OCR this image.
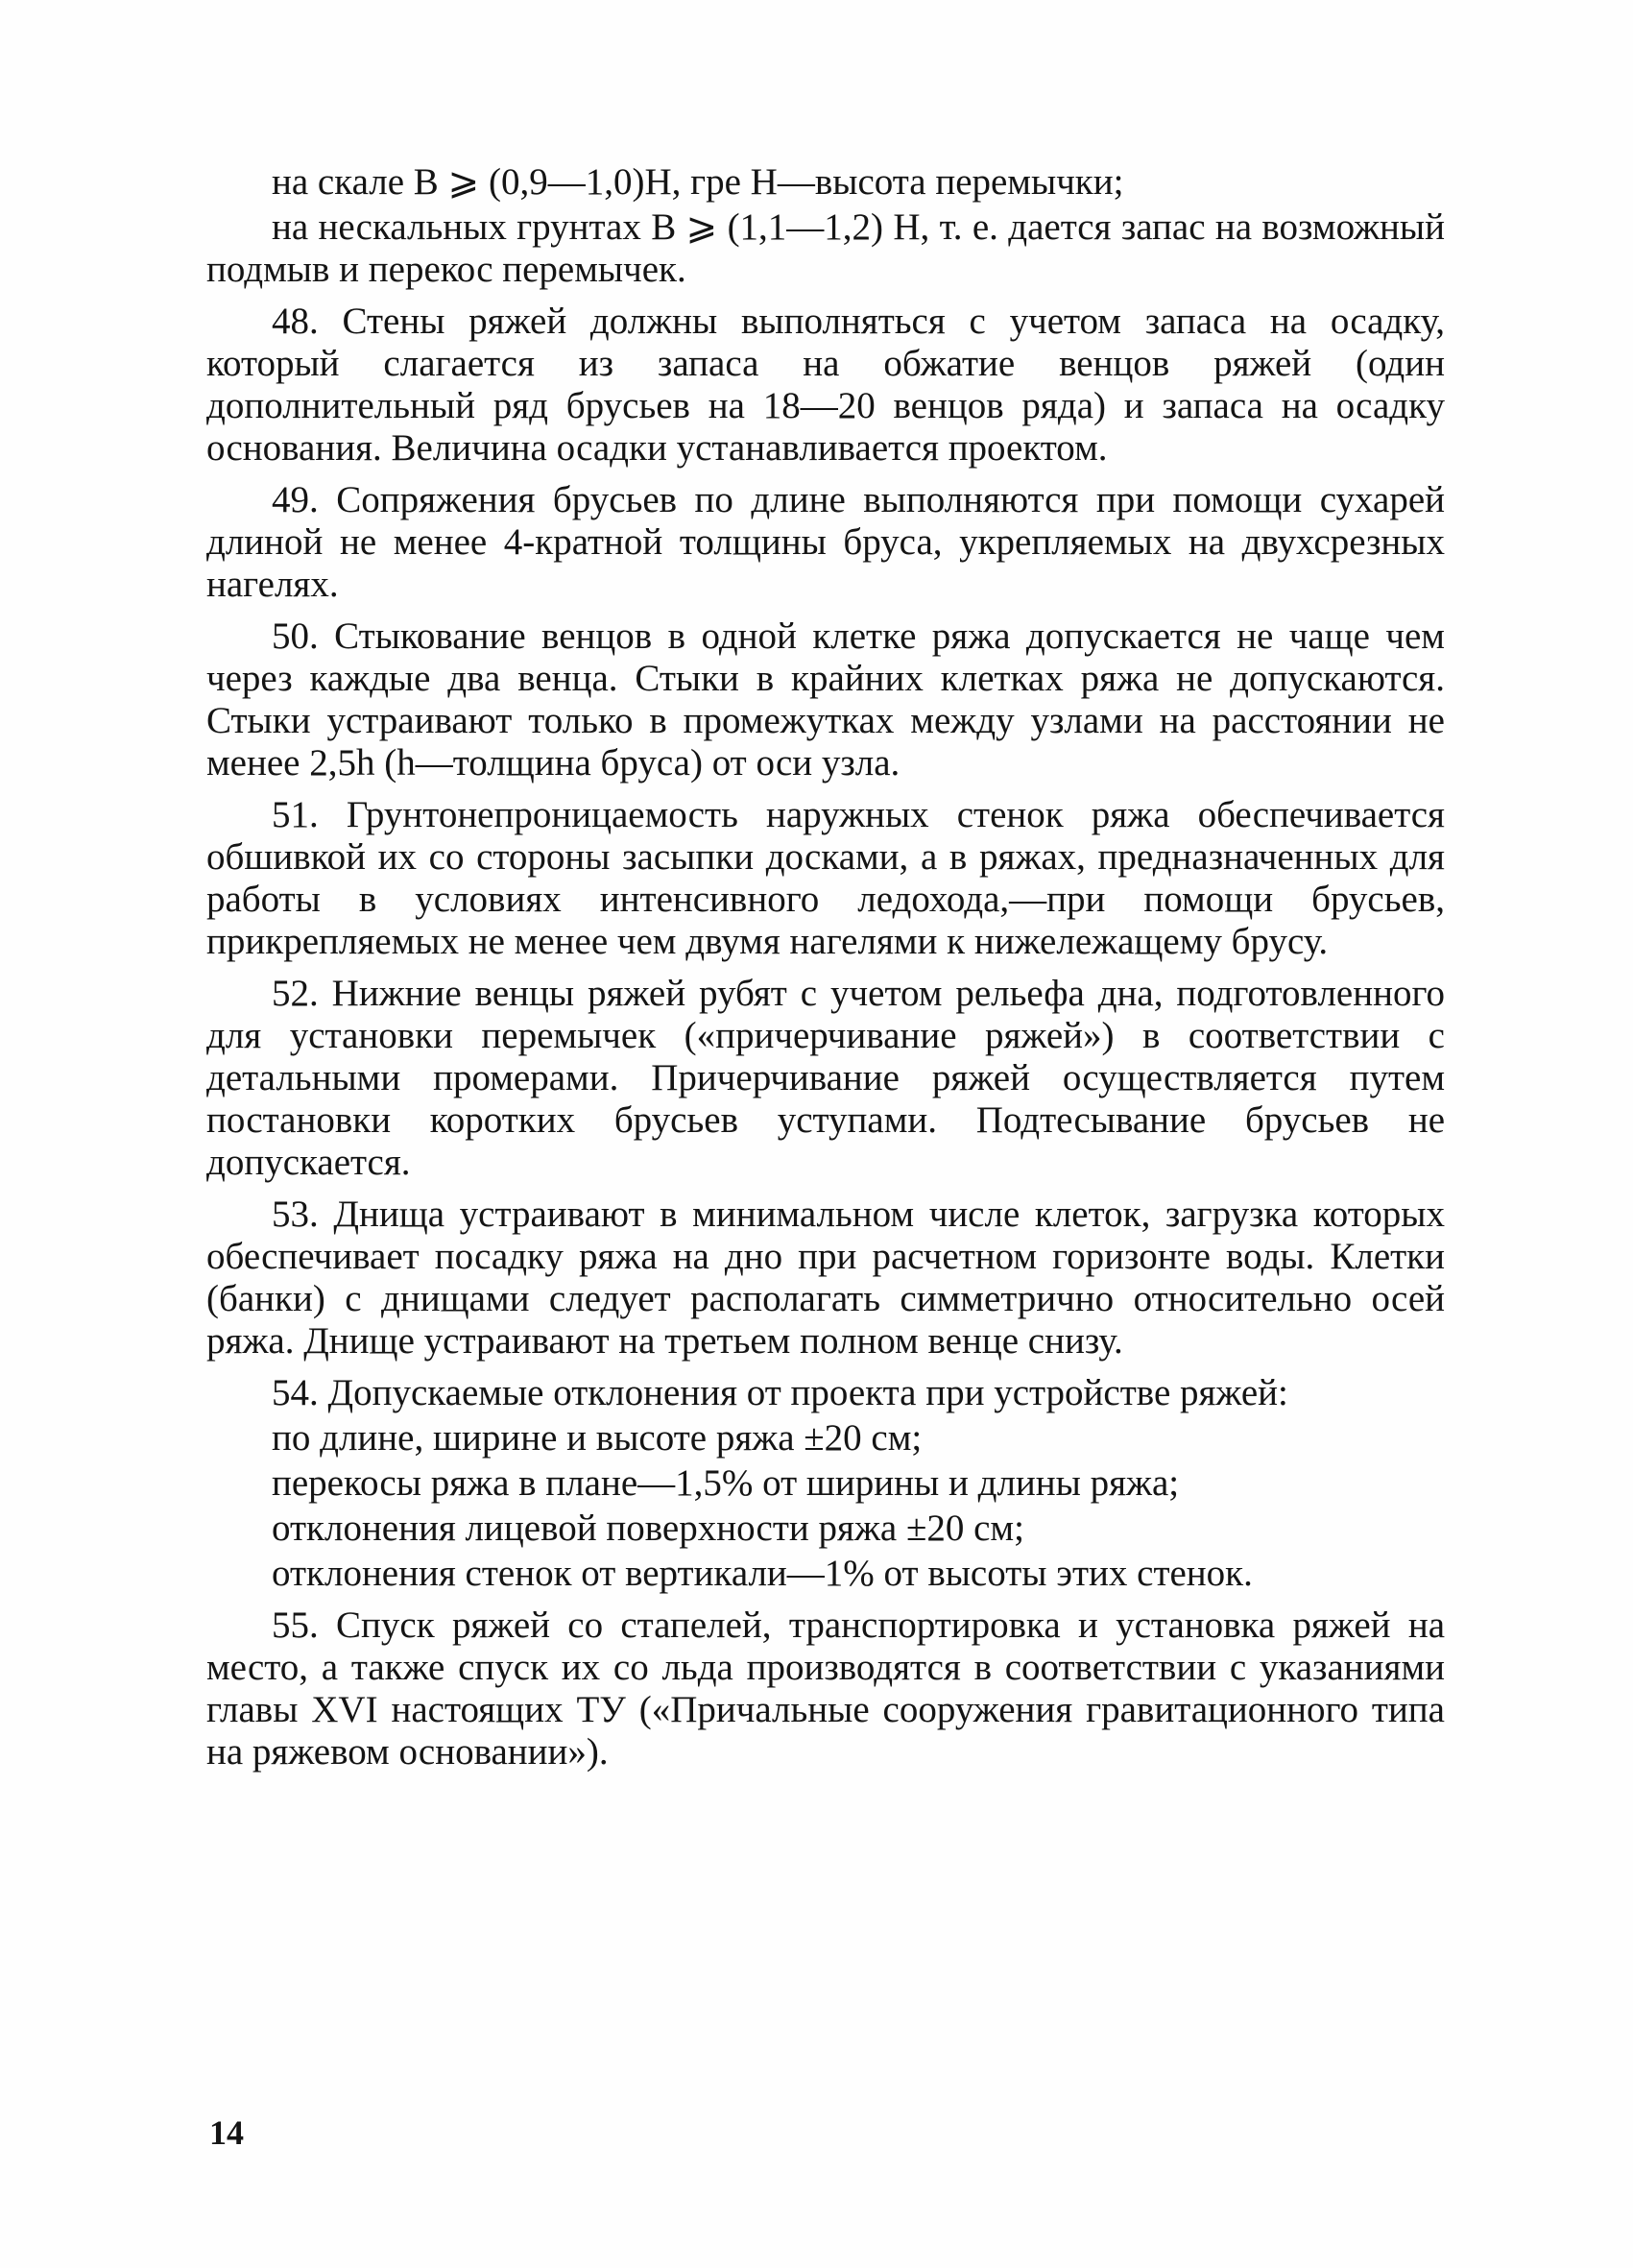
на скале B ⩾ (0,9—1,0)H, гре H—высота перемычки;

на нескальных грунтах B ⩾ (1,1—1,2) H, т. е. дается запас на возможный подмыв и перекос перемычек.

48. Стены ряжей должны выполняться с учетом запаса на осадку, который слагается из запаса на обжатие венцов ряжей (один дополнительный ряд брусьев на 18—20 венцов ряда) и запаса на осадку основания. Величина осадки устанавливается проектом.

49. Сопряжения брусьев по длине выполняются при помощи сухарей длиной не менее 4-кратной толщины бруса, укрепляемых на двухсрезных нагелях.

50. Стыкование венцов в одной клетке ряжа допускается не чаще чем через каждые два венца. Стыки в крайних клетках ряжа не допускаются. Стыки устраивают только в промежутках между узлами на расстоянии не менее 2,5h (h—толщина бруса) от оси узла.

51. Грунтонепроницаемость наружных стенок ряжа обеспечивается обшивкой их со стороны засыпки досками, а в ряжах, предназначенных для работы в условиях интенсивного ледохода,—при помощи брусьев, прикрепляемых не менее чем двумя нагелями к нижележащему брусу.

52. Нижние венцы ряжей рубят с учетом рельефа дна, подготовленного для установки перемычек («причерчивание ряжей») в соответствии с детальными промерами. Причерчивание ряжей осуществляется путем постановки коротких брусьев уступами. Подтесывание брусьев не допускается.

53. Днища устраивают в минимальном числе клеток, загрузка которых обеспечивает посадку ряжа на дно при расчетном горизонте воды. Клетки (банки) с днищами следует располагать симметрично относительно осей ряжа. Днище устраивают на третьем полном венце снизу.

54. Допускаемые отклонения от проекта при устройстве ряжей:

по длине, ширине и высоте ряжа ±20 см;

перекосы ряжа в плане—1,5% от ширины и длины ряжа;

отклонения лицевой поверхности ряжа ±20 см;

отклонения стенок от вертикали—1% от высоты этих стенок.

55. Спуск ряжей со стапелей, транспортировка и установка ряжей на место, а также спуск их со льда производятся в соответствии с указаниями главы XVI настоящих ТУ («Причальные сооружения гравитационного типа на ряжевом основании»).

14
